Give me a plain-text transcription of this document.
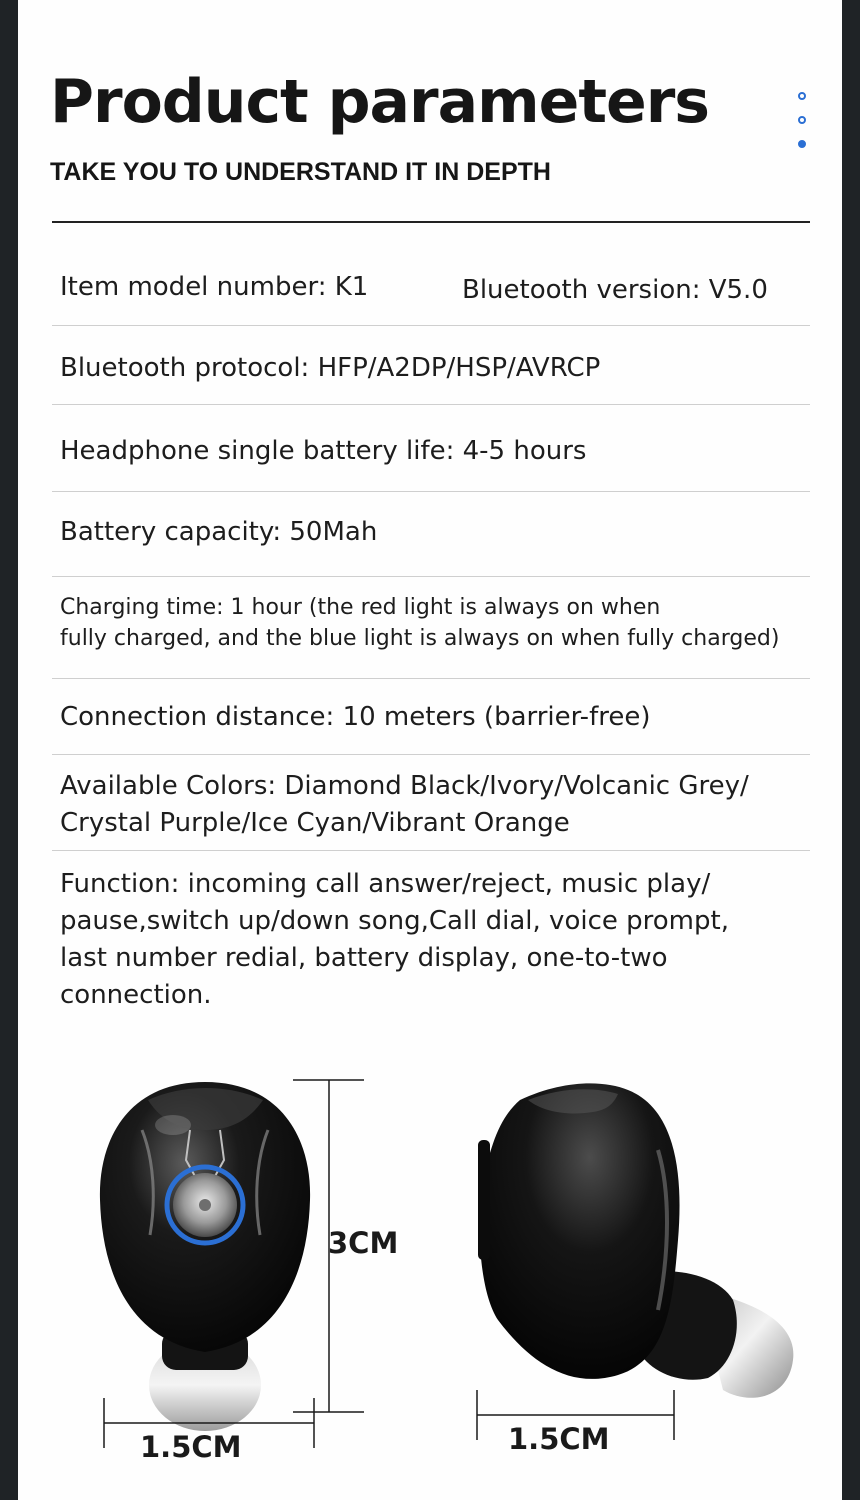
Product parameters

TAKE YOU TO UNDERSTAND IT IN DEPTH

Item model number: K1	Bluetooth version: V5.0

Bluetooth protocol: HFP/A2DP/HSP/AVRCP

Headphone single battery life: 4-5 hours

Battery capacity: 50Mah

Charging time: 1 hour (the red light is always on when

fully charged, and the blue light is always on when fully charged)

Connection distance: 10 meters (barrier-free)

Available Colors: Diamond Black/Ivory/Volcanic Grey/

Crystal Purple/Ice Cyan/Vibrant Orange

Function: incoming call answer/reject, music play/

pause,switch up/down song,Call dial, voice prompt,

last number redial, battery display, one-to-two

connection.

3CM
1.5CM	1.5CM
